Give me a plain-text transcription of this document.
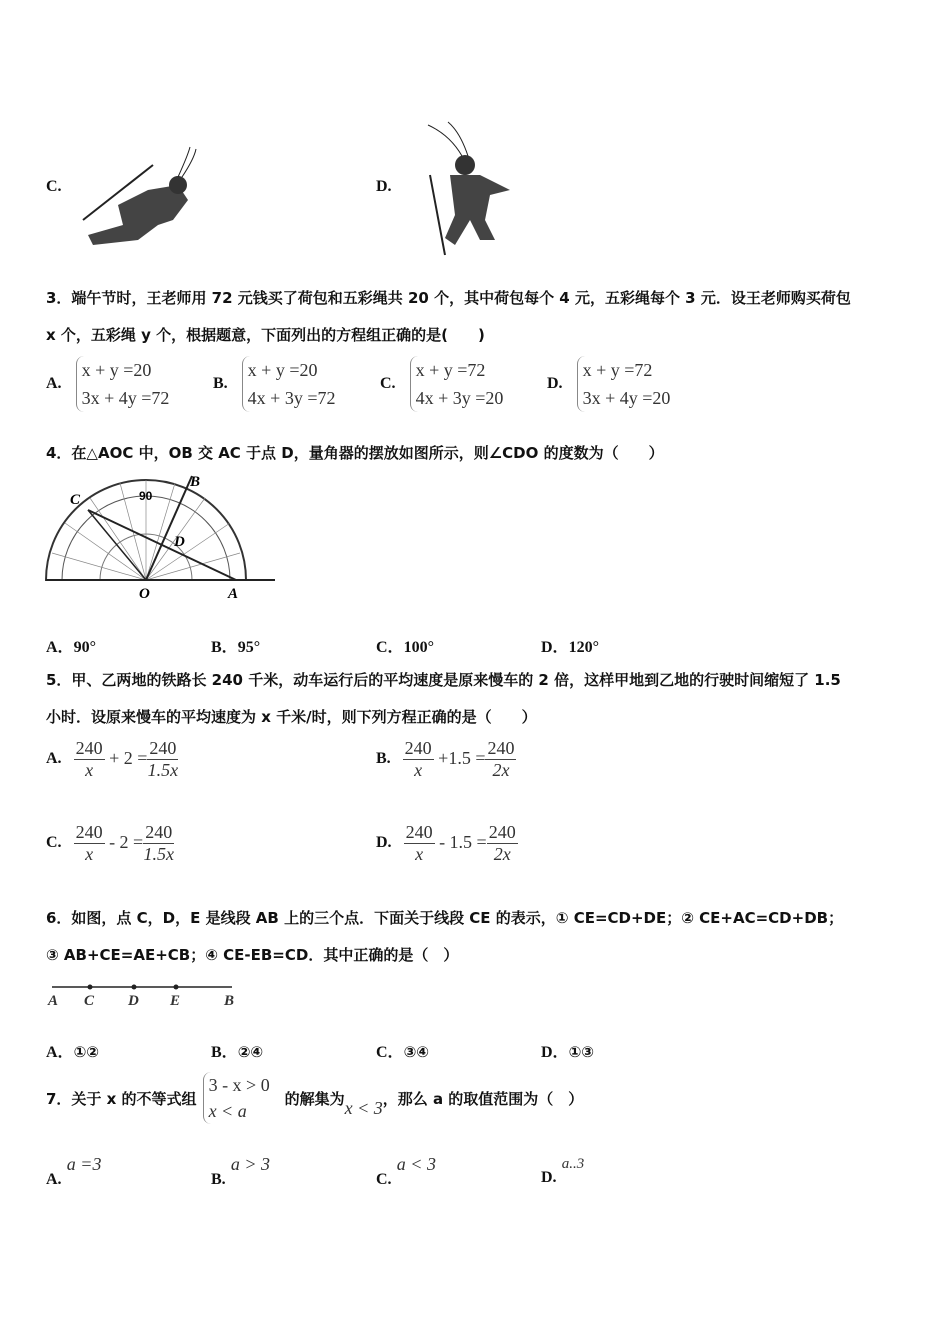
C.	D.
3．端午节时，王老师用 72 元钱买了荷包和五彩绳共 20 个，其中荷包每个 4 元，五彩绳每个 3 元．设王老师购买荷包
x 个，五彩绳 y 个，根据题意，下面列出的方程组正确的是(　　)
A.
x + y =20
3x + 4y =72
B.
x + y =20
4x + 3y =72
C.
x + y =72
4x + 3y =20
D.
x + y =72
3x + 4y =20
4．在△AOC 中，OB 交 AC 于点 D，量角器的摆放如图所示，则∠CDO 的度数为（　　）
C
B
D
O	A
90
A．90°	B．95°	C．100°	D．120°
5．甲、乙两地的铁路长 240 千米，动车运行后的平均速度是原来慢车的 2 倍，这样甲地到乙地的行驶时间缩短了 1.5
小时．设原来慢车的平均速度为 x 千米/时，则下列方程正确的是（　　）
A. $\frac{240}{x} + 2 = \frac{240}{1.5x}$	B. $\frac{240}{x} +1.5 = \frac{240}{2x}$
C. $\frac{240}{x} - 2 = \frac{240}{1.5x}$	D. $\frac{240}{x} - 1.5 = \frac{240}{2x}$
6．如图，点 C，D，E 是线段 AB 上的三个点．下面关于线段 CE 的表示，① CE=CD+DE；② CE+AC=CD+DB；
③ AB+CE=AE+CB；④ CE-EB=CD．其中正确的是（　）
A C D E	B
A．①②	B．②④	C．③④	D．①③
7．关于 x 的不等式组
3 - x > 0
x < a
的解集为 x < 3 ，那么 a 的取值范围为（　）
A. a =3
B. a > 3
C. a < 3
D. a..3
